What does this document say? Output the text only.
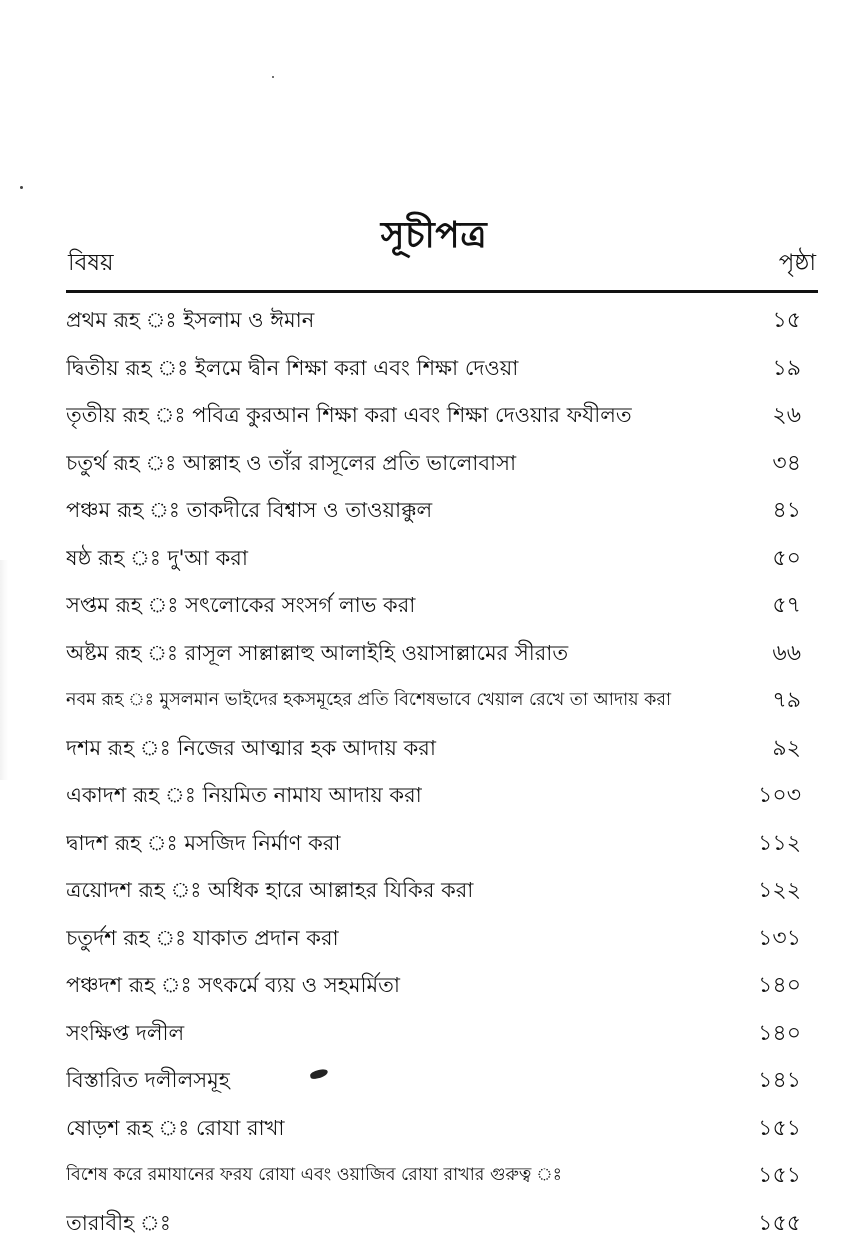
সূচীপত্র
বিষয়	পৃষ্ঠা
প্রথম রূহ ঃ ইসলাম ও ঈমান	১৫
দ্বিতীয় রূহ ঃ ইলমে দ্বীন শিক্ষা করা এবং শিক্ষা দেওয়া	১৯
তৃতীয় রূহ ঃ পবিত্র কুরআন শিক্ষা করা এবং শিক্ষা দেওয়ার ফযীলত	২৬
চতুর্থ রূহ ঃ আল্লাহ ও তাঁর রাসূলের প্রতি ভালোবাসা	৩৪
পঞ্চম রূহ ঃ তাকদীরে বিশ্বাস ও তাওয়াক্কুল	৪১
ষষ্ঠ রূহ ঃ দু'আ করা	৫০
সপ্তম রূহ ঃ সৎলোকের সংসর্গ লাভ করা	৫৭
অষ্টম রূহ ঃ রাসূল সাল্লাল্লাহু আলাইহি ওয়াসাল্লামের সীরাত	৬৬
নবম রূহ ঃ মুসলমান ভাইদের হকসমূহের প্রতি বিশেষভাবে খেয়াল রেখে তা আদায় করা	৭৯
দশম রূহ ঃ নিজের আত্মার হক আদায় করা	৯২
একাদশ রূহ ঃ নিয়মিত নামায আদায় করা	১০৩
দ্বাদশ রূহ ঃ মসজিদ নির্মাণ করা	১১২
ত্রয়োদশ রূহ ঃ অধিক হারে আল্লাহর যিকির করা	১২২
চতুর্দশ রূহ ঃ যাকাত প্রদান করা	১৩১
পঞ্চদশ রূহ ঃ সৎকর্মে ব্যয় ও সহমর্মিতা	১৪০
সংক্ষিপ্ত দলীল	১৪০
বিস্তারিত দলীলসমূহ	১৪১
ষোড়শ রূহ ঃ রোযা রাখা	১৫১
বিশেষ করে রমাযানের ফরয রোযা এবং ওয়াজিব রোযা রাখার গুরুত্ব ঃ	১৫১
তারাবীহ ঃ	১৫৫
